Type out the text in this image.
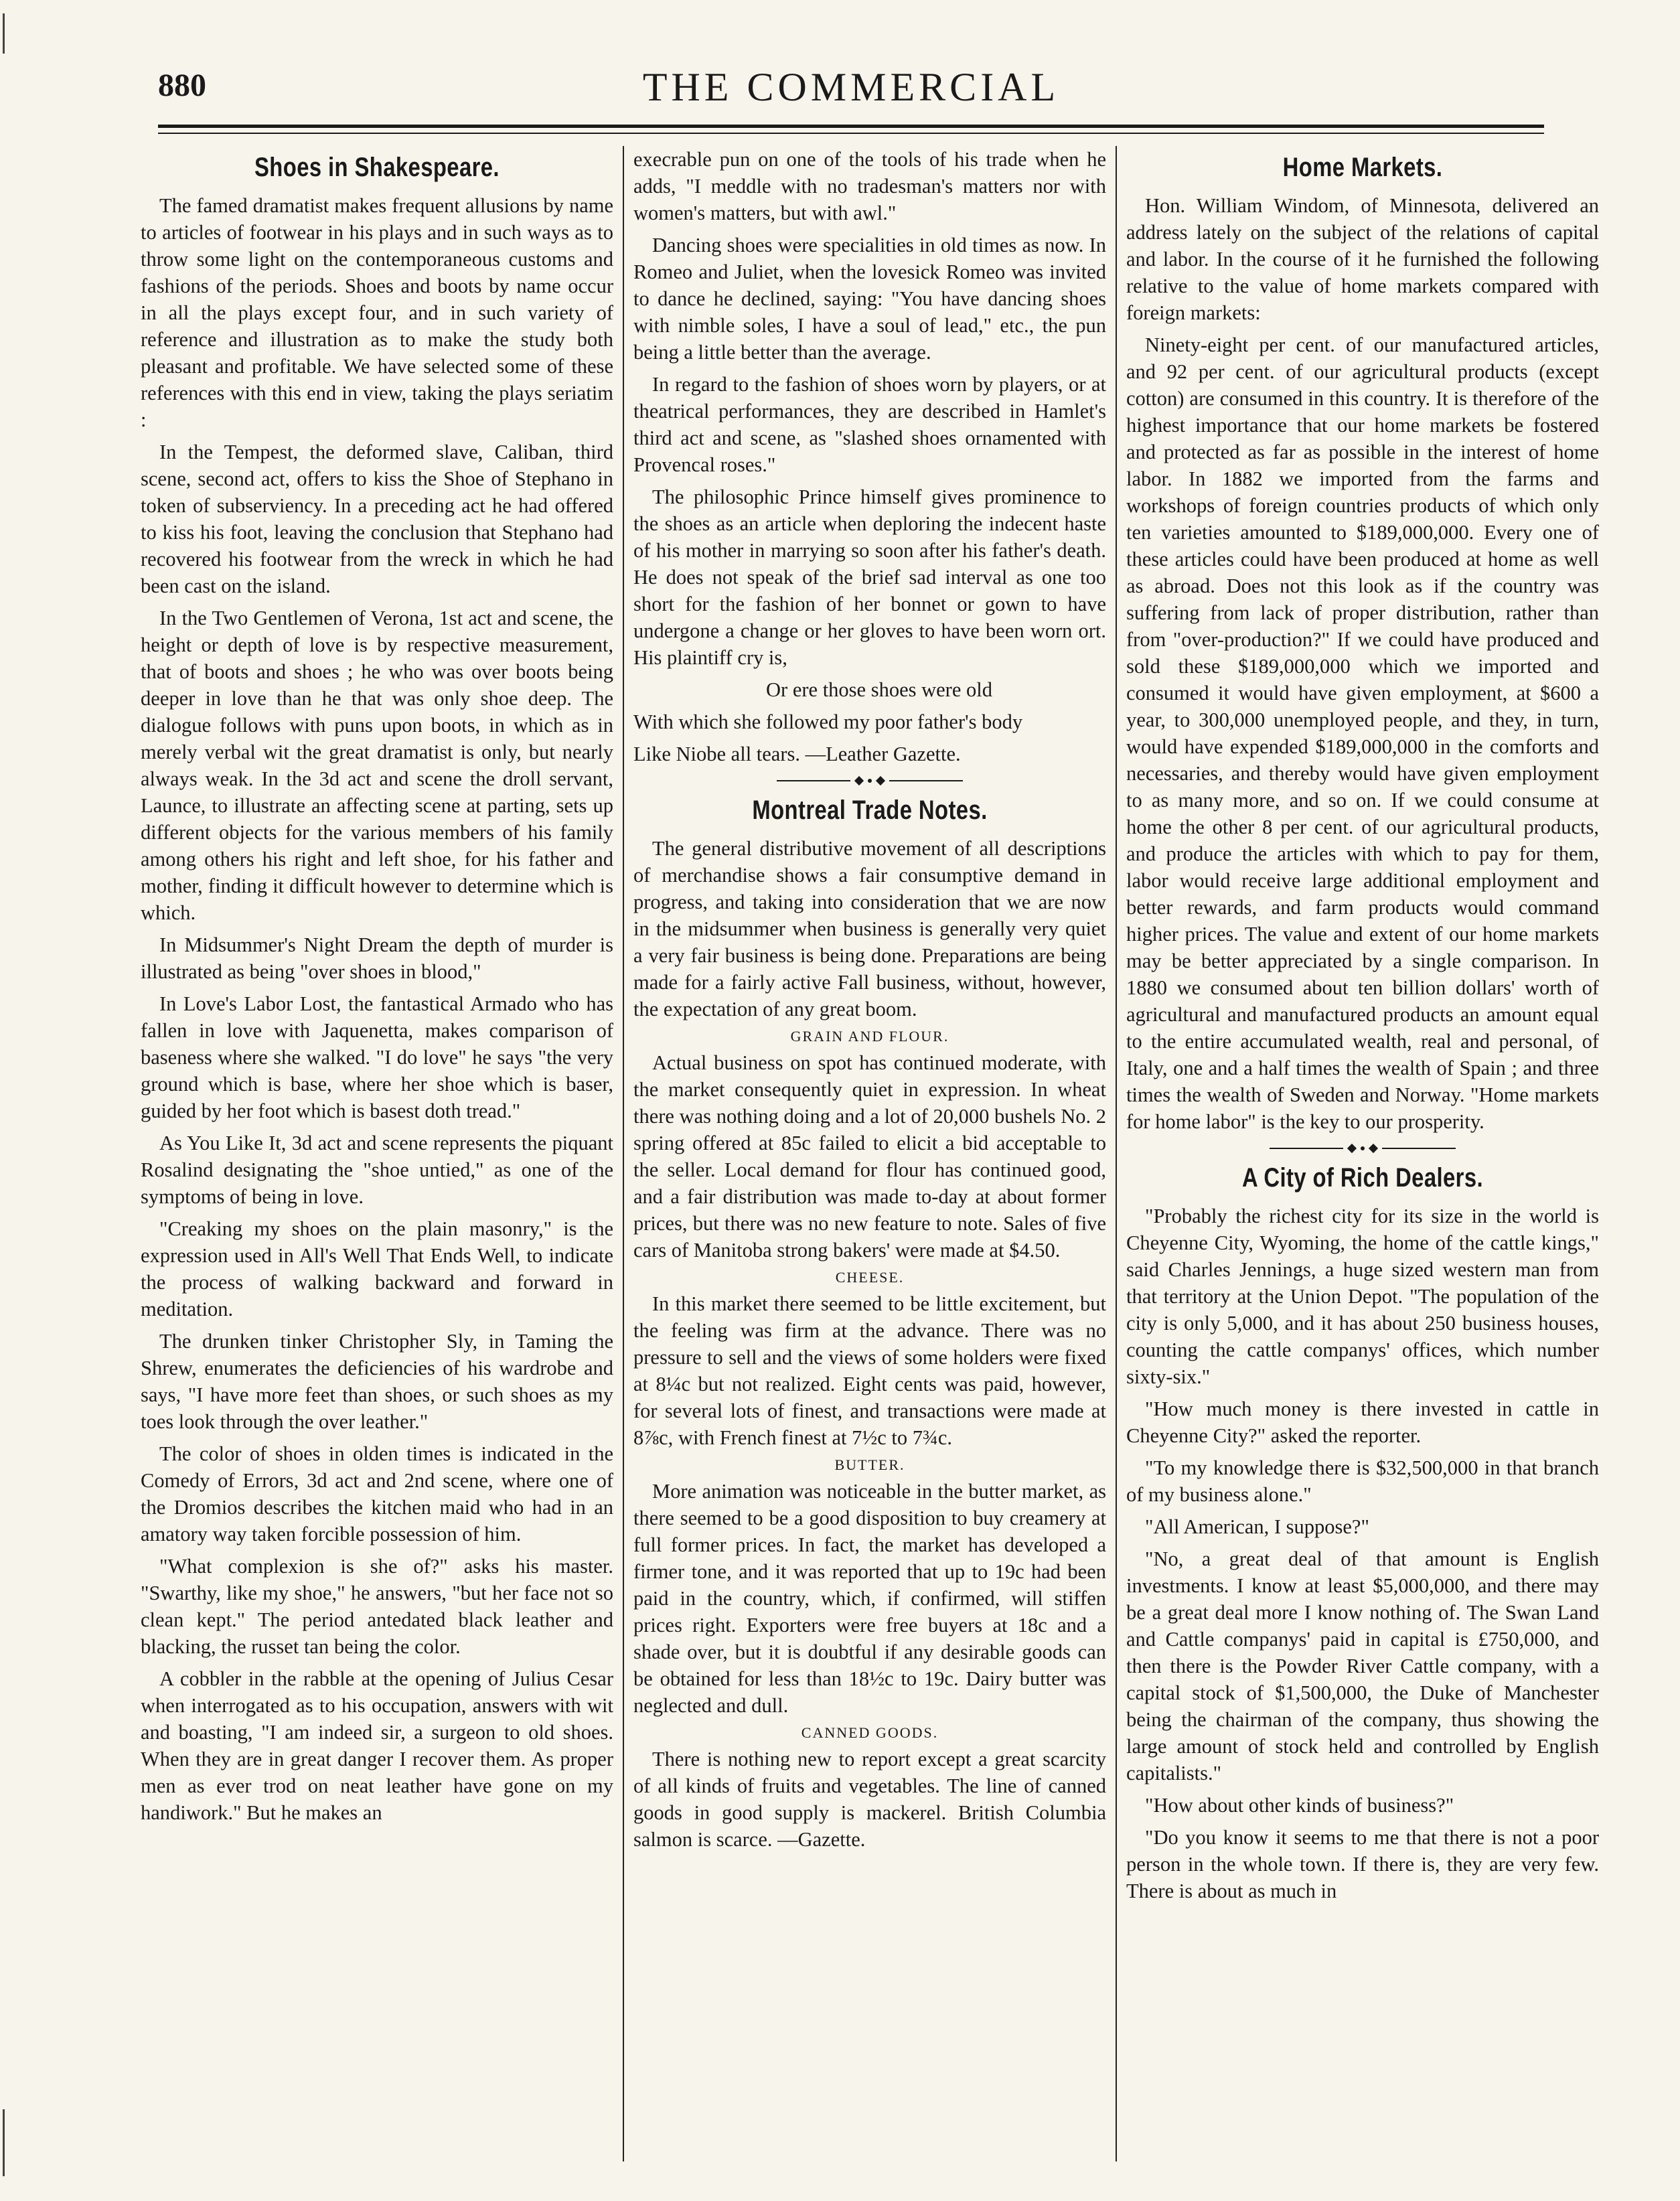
880	THE COMMERCIAL
Shoes in Shakespeare.

The famed dramatist makes frequent allusions by name to articles of footwear in his plays and in such ways as to throw some light on the contemporaneous customs and fashions of the periods. Shoes and boots by name occur in all the plays except four, and in such variety of reference and illustration as to make the study both pleasant and profitable. We have selected some of these references with this end in view, taking the plays seriatim :

In the Tempest, the deformed slave, Caliban, third scene, second act, offers to kiss the Shoe of Stephano in token of subserviency. In a preceding act he had offered to kiss his foot, leaving the conclusion that Stephano had recovered his footwear from the wreck in which he had been cast on the island.

In the Two Gentlemen of Verona, 1st act and scene, the height or depth of love is by respective measurement, that of boots and shoes ; he who was over boots being deeper in love than he that was only shoe deep. The dialogue follows with puns upon boots, in which as in merely verbal wit the great dramatist is only, but nearly always weak. In the 3d act and scene the droll servant, Launce, to illustrate an affecting scene at parting, sets up different objects for the various members of his family among others his right and left shoe, for his father and mother, finding it difficult however to determine which is which.

In Midsummer's Night Dream the depth of murder is illustrated as being "over shoes in blood,"

In Love's Labor Lost, the fantastical Armado who has fallen in love with Jaquenetta, makes comparison of baseness where she walked. "I do love" he says "the very ground which is base, where her shoe which is baser, guided by her foot which is basest doth tread."

As You Like It, 3d act and scene represents the piquant Rosalind designating the "shoe untied," as one of the symptoms of being in love.

"Creaking my shoes on the plain masonry," is the expression used in All's Well That Ends Well, to indicate the process of walking backward and forward in meditation.

The drunken tinker Christopher Sly, in Taming the Shrew, enumerates the deficiencies of his wardrobe and says, "I have more feet than shoes, or such shoes as my toes look through the over leather."

The color of shoes in olden times is indicated in the Comedy of Errors, 3d act and 2nd scene, where one of the Dromios describes the kitchen maid who had in an amatory way taken forcible possession of him.

"What complexion is she of?" asks his master. "Swarthy, like my shoe," he answers, "but her face not so clean kept." The period antedated black leather and blacking, the russet tan being the color.

A cobbler in the rabble at the opening of Julius Cesar when interrogated as to his occupation, answers with wit and boasting, "I am indeed sir, a surgeon to old shoes. When they are in great danger I recover them. As proper men as ever trod on neat leather have gone on my handiwork." But he makes an

execrable pun on one of the tools of his trade when he adds, "I meddle with no tradesman's matters nor with women's matters, but with awl."

Dancing shoes were specialities in old times as now. In Romeo and Juliet, when the lovesick Romeo was invited to dance he declined, saying: "You have dancing shoes with nimble soles, I have a soul of lead," etc., the pun being a little better than the average.

In regard to the fashion of shoes worn by players, or at theatrical performances, they are described in Hamlet's third act and scene, as "slashed shoes ornamented with Provencal roses."

The philosophic Prince himself gives prominence to the shoes as an article when deploring the indecent haste of his mother in marrying so soon after his father's death. He does not speak of the brief sad interval as one too short for the fashion of her bonnet or gown to have undergone a change or her gloves to have been worn ort. His plaintiff cry is,

Or ere those shoes were old

With which she followed my poor father's body

Like Niobe all tears. —Leather Gazette.

Montreal Trade Notes.

The general distributive movement of all descriptions of merchandise shows a fair consumptive demand in progress, and taking into consideration that we are now in the midsummer when business is generally very quiet a very fair business is being done. Preparations are being made for a fairly active Fall business, without, however, the expectation of any great boom.

GRAIN AND FLOUR.

Actual business on spot has continued moderate, with the market consequently quiet in expression. In wheat there was nothing doing and a lot of 20,000 bushels No. 2 spring offered at 85c failed to elicit a bid acceptable to the seller. Local demand for flour has continued good, and a fair distribution was made to-day at about former prices, but there was no new feature to note. Sales of five cars of Manitoba strong bakers' were made at $4.50.

CHEESE.

In this market there seemed to be little excitement, but the feeling was firm at the advance. There was no pressure to sell and the views of some holders were fixed at 8¼c but not realized. Eight cents was paid, however, for several lots of finest, and transactions were made at 8⅞c, with French finest at 7½c to 7¾c.

BUTTER.

More animation was noticeable in the butter market, as there seemed to be a good disposition to buy creamery at full former prices. In fact, the market has developed a firmer tone, and it was reported that up to 19c had been paid in the country, which, if confirmed, will stiffen prices right. Exporters were free buyers at 18c and a shade over, but it is doubtful if any desirable goods can be obtained for less than 18½c to 19c. Dairy butter was neglected and dull.

CANNED GOODS.

There is nothing new to report except a great scarcity of all kinds of fruits and vegetables. The line of canned goods in good supply is mackerel. British Columbia salmon is scarce. —Gazette.

Home Markets.

Hon. William Windom, of Minnesota, delivered an address lately on the subject of the relations of capital and labor. In the course of it he furnished the following relative to the value of home markets compared with foreign markets:

Ninety-eight per cent. of our manufactured articles, and 92 per cent. of our agricultural products (except cotton) are consumed in this country. It is therefore of the highest importance that our home markets be fostered and protected as far as possible in the interest of home labor. In 1882 we imported from the farms and workshops of foreign countries products of which only ten varieties amounted to $189,000,000. Every one of these articles could have been produced at home as well as abroad. Does not this look as if the country was suffering from lack of proper distribution, rather than from "over-production?" If we could have produced and sold these $189,000,000 which we imported and consumed it would have given employment, at $600 a year, to 300,000 unemployed people, and they, in turn, would have expended $189,000,000 in the comforts and necessaries, and thereby would have given employment to as many more, and so on. If we could consume at home the other 8 per cent. of our agricultural products, and produce the articles with which to pay for them, labor would receive large additional employment and better rewards, and farm products would command higher prices. The value and extent of our home markets may be better appreciated by a single comparison. In 1880 we consumed about ten billion dollars' worth of agricultural and manufactured products an amount equal to the entire accumulated wealth, real and personal, of Italy, one and a half times the wealth of Spain ; and three times the wealth of Sweden and Norway. "Home markets for home labor" is the key to our prosperity.

A City of Rich Dealers.

"Probably the richest city for its size in the world is Cheyenne City, Wyoming, the home of the cattle kings," said Charles Jennings, a huge sized western man from that territory at the Union Depot. "The population of the city is only 5,000, and it has about 250 business houses, counting the cattle companys' offices, which number sixty-six."

"How much money is there invested in cattle in Cheyenne City?" asked the reporter.

"To my knowledge there is $32,500,000 in that branch of my business alone."

"All American, I suppose?"

"No, a great deal of that amount is English investments. I know at least $5,000,000, and there may be a great deal more I know nothing of. The Swan Land and Cattle companys' paid in capital is £750,000, and then there is the Powder River Cattle company, with a capital stock of $1,500,000, the Duke of Manchester being the chairman of the company, thus showing the large amount of stock held and controlled by English capitalists."

"How about other kinds of business?"

"Do you know it seems to me that there is not a poor person in the whole town. If there is, they are very few. There is about as much in
